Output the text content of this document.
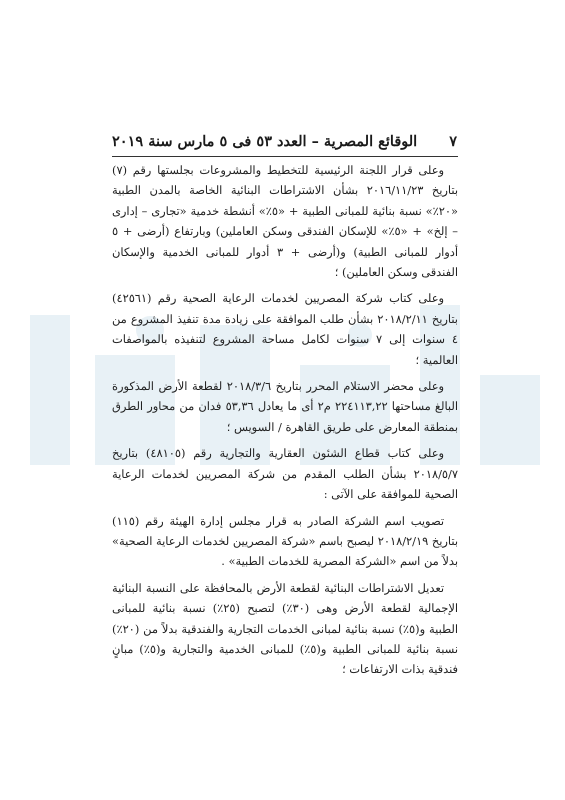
٧
الوقائع المصرية – العدد ٥٣ فى ٥ مارس سنة ٢٠١٩

وعلى قرار اللجنة الرئيسية للتخطيط والمشروعات بجلستها رقم (٧) بتاريخ ٢٠١٦/١١/٢٣ بشأن الاشتراطات البنائية الخاصة بالمدن الطبية «٢٠٪» نسبة بنائية للمبانى الطبية + «٥٪» أنشطة خدمية «تجارى – إدارى – إلخ» + «٥٪» للإسكان الفندقى وسكن العاملين) وبارتفاع (أرضى + ٥ أدوار للمبانى الطبية) و(أرضى + ٣ أدوار للمبانى الخدمية والإسكان الفندقى وسكن العاملين) ؛

وعلى كتاب شركة المصريين لخدمات الرعاية الصحية رقم (٤٢٥٦١) بتاريخ ٢٠١٨/٢/١١ بشأن طلب الموافقة على زيادة مدة تنفيذ المشروع من ٤ سنوات إلى ٧ سنوات لكامل مساحة المشروع لتنفيذه بالمواصفات العالمية ؛

وعلى محضر الاستلام المحرر بتاريخ ٢٠١٨/٣/٦ لقطعة الأرض المذكورة البالغ مساحتها ٢٢٤١١٣,٢٢ م٢ أى ما يعادل ٥٣,٣٦ فدان من محاور الطرق بمنطقة المعارض على طريق القاهرة / السويس ؛

وعلى كتاب قطاع الشئون العقارية والتجارية رقم (٤٨١٠٥) بتاريخ ٢٠١٨/٥/٧ بشأن الطلب المقدم من شركة المصريين لخدمات الرعاية الصحية للموافقة على الآتى :

تصويب اسم الشركة الصادر به قرار مجلس إدارة الهيئة رقم (١١٥) بتاريخ ٢٠١٨/٢/١٩ ليصبح باسم «شركة المصريين لخدمات الرعاية الصحية» بدلاً من اسم «الشركة المصرية للخدمات الطبية» .

تعديل الاشتراطات البنائية لقطعة الأرض بالمحافظة على النسبة البنائية الإجمالية لقطعة الأرض وهى (٣٠٪) لتصبح (٢٥٪) نسبة بنائية للمبانى الطبية و(٥٪) نسبة بنائية لمبانى الخدمات التجارية والفندقية بدلاً من (٢٠٪) نسبة بنائية للمبانى الطبية و(٥٪) للمبانى الخدمية والتجارية و(٥٪) مبانٍ فندقية بذات الارتفاعات ؛
